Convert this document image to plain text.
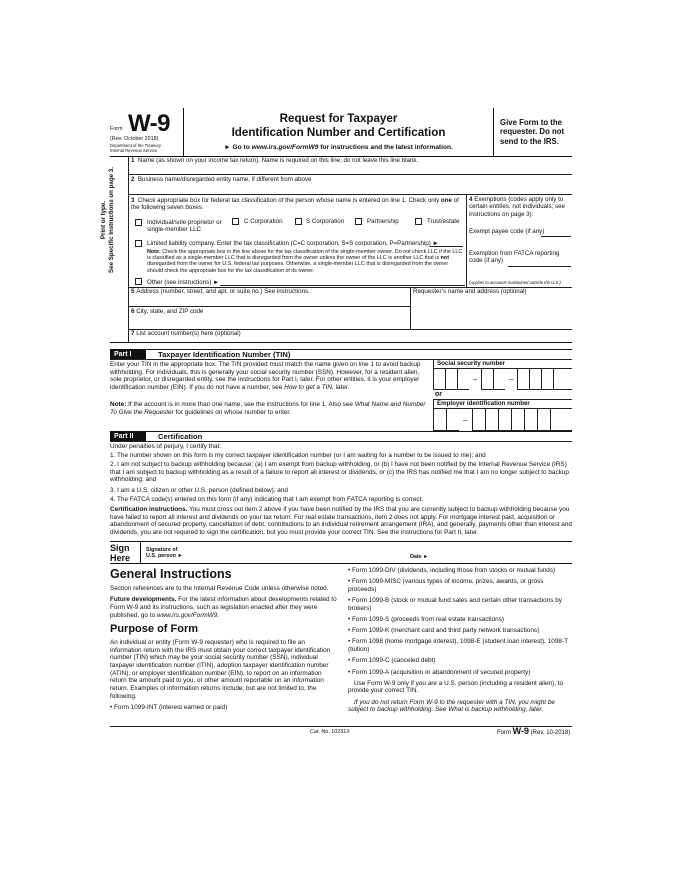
Form W-9
(Rev. October 2018)
Department of the Treasury
Internal Revenue Service
Request for Taxpayer
Identification Number and Certification
► Go to www.irs.gov/FormW9 for instructions and the latest information.
Give Form to the requester. Do not send to the IRS.
Print or type. See Specific Instructions on page 3.
1 Name (as shown on your income tax return). Name is required on this line; do not leave this line blank.
2 Business name/disregarded entity name, if different from above
3 Check appropriate box for federal tax classification of the person whose name is entered on line 1. Check only one of the following seven boxes.
Individual/sole proprietor or single-member LLC
C Corporation	S Corporation	Partnership	Trust/estate
Limited liability company. Enter the tax classification (C=C corporation, S=S corporation, P=Partnership) ►
Note: Check the appropriate box in the line above for the tax classification of the single-member owner. Do not check LLC if the LLC is classified as a single-member LLC that is disregarded from the owner unless the owner of the LLC is another LLC that is not disregarded from the owner for U.S. federal tax purposes. Otherwise, a single-member LLC that is disregarded from the owner should check the appropriate box for the tax classification of its owner.
Other (see instructions) ►
4 Exemptions (codes apply only to certain entities, not individuals; see instructions on page 3):
Exempt payee code (if any)
Exemption from FATCA reporting code (if any)
(Applies to accounts maintained outside the U.S.)
5 Address (number, street, and apt. or suite no.) See instructions.	Requester’s name and address (optional)
6 City, state, and ZIP code
7 List account number(s) here (optional)
Part I	Taxpayer Identification Number (TIN)
Enter your TIN in the appropriate box. The TIN provided must match the name given on line 1 to avoid backup withholding. For individuals, this is generally your social security number (SSN). However, for a resident alien, sole proprietor, or disregarded entity, see the instructions for Part I, later. For other entities, it is your employer identification number (EIN). If you do not have a number, see How to get a TIN, later.
Note: If the account is in more than one name, see the instructions for line 1. Also see What Name and Number To Give the Requester for guidelines on whose number to enter.
Social security number
–	–
or
Employer identification number
–
Part II	Certification
Under penalties of perjury, I certify that:
1. The number shown on this form is my correct taxpayer identification number (or I am waiting for a number to be issued to me); and
2. I am not subject to backup withholding because: (a) I am exempt from backup withholding, or (b) I have not been notified by the Internal Revenue Service (IRS) that I am subject to backup withholding as a result of a failure to report all interest or dividends, or (c) the IRS has notified me that I am no longer subject to backup withholding; and
3. I am a U.S. citizen or other U.S. person (defined below); and
4. The FATCA code(s) entered on this form (if any) indicating that I am exempt from FATCA reporting is correct.
Certification instructions. You must cross out item 2 above if you have been notified by the IRS that you are currently subject to backup withholding because you have failed to report all interest and dividends on your tax return. For real estate transactions, item 2 does not apply. For mortgage interest paid, acquisition or abandonment of secured property, cancellation of debt, contributions to an individual retirement arrangement (IRA), and generally, payments other than interest and dividends, you are not required to sign the certification, but you must provide your correct TIN. See the instructions for Part II, later.
Sign
Here
Signature of
U.S. person ►	Date ►
General Instructions

Section references are to the Internal Revenue Code unless otherwise noted.

Future developments. For the latest information about developments related to Form W-9 and its instructions, such as legislation enacted after they were published, go to www.irs.gov/FormW9.

Purpose of Form

An individual or entity (Form W-9 requester) who is required to file an information return with the IRS must obtain your correct taxpayer identification number (TIN) which may be your social security number (SSN), individual taxpayer identification number (ITIN), adoption taxpayer identification number (ATIN), or employer identification number (EIN), to report on an information return the amount paid to you, or other amount reportable on an information return. Examples of information returns include, but are not limited to, the following.

• Form 1099-INT (interest earned or paid)

• Form 1099-DIV (dividends, including those from stocks or mutual funds)

• Form 1099-MISC (various types of income, prizes, awards, or gross proceeds)

• Form 1099-B (stock or mutual fund sales and certain other transactions by brokers)

• Form 1099-S (proceeds from real estate transactions)

• Form 1099-K (merchant card and third party network transactions)

• Form 1098 (home mortgage interest), 1098-E (student loan interest), 1098-T (tuition)

• Form 1099-C (canceled debt)

• Form 1099-A (acquisition or abandonment of secured property)

Use Form W-9 only if you are a U.S. person (including a resident alien), to provide your correct TIN.

If you do not return Form W-9 to the requester with a TIN, you might be subject to backup withholding. See What is backup withholding, later.

Cat. No. 10231X	Form W-9 (Rev. 10-2018)
